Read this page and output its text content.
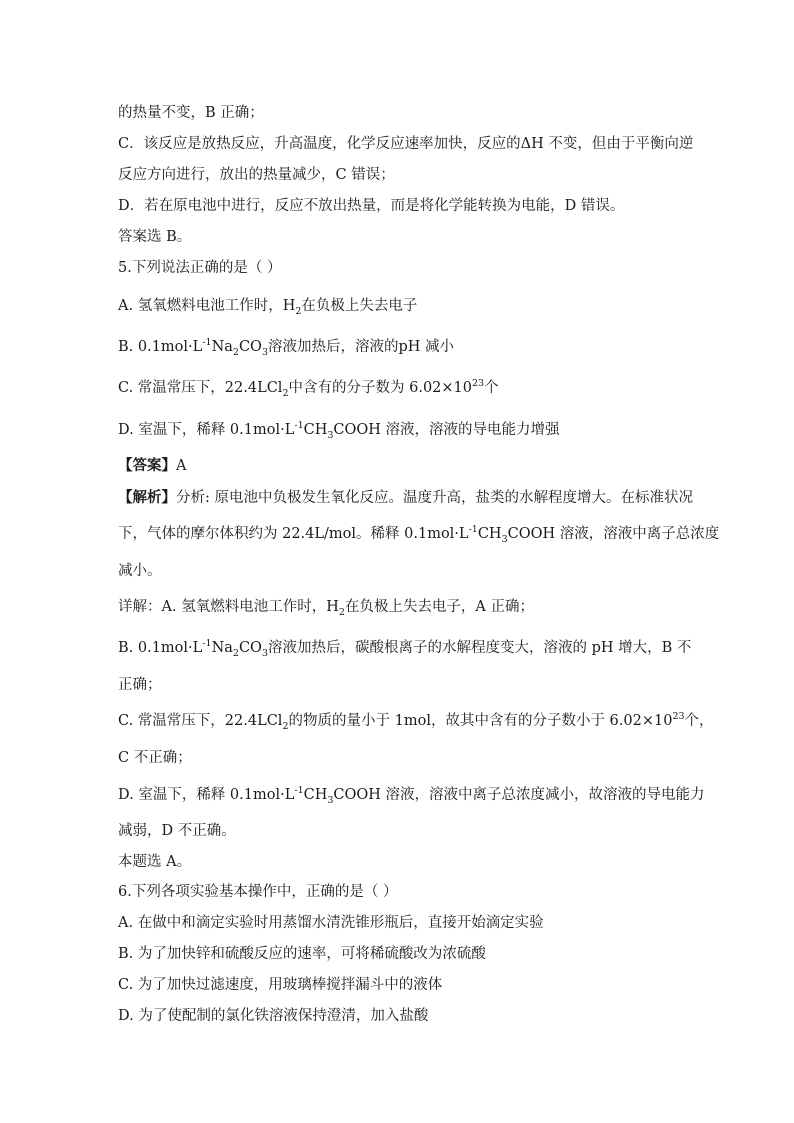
的热量不变，B 正确；
C．该反应是放热反应，升高温度，化学反应速率加快，反应的ΔH 不变，但由于平衡向逆
反应方向进行，放出的热量减少，C 错误；
D．若在原电池中进行，反应不放出热量，而是将化学能转换为电能，D 错误。
答案选 B。
5.下列说法正确的是（ ）
A. 氢氧燃料电池工作时，$H_2$在负极上失去电子
B. $0.1mol\cdot L^{-1}Na_2CO_3$溶液加热后，溶液的pH 减小
C. 常温常压下，22.4LCl$_2$中含有的分子数为 $6.02\times 10^{23}$个
D. 室温下，稀释 $0.1mol\cdot L^{-1}CH_3COOH$ 溶液，溶液的导电能力增强
【答案】A
【解析】分析: 原电池中负极发生氧化反应。温度升高，盐类的水解程度增大。在标准状况
下，气体的摩尔体积约为 22.4L/mol。稀释 $0.1mol\cdot L^{-1}CH_3COOH$ 溶液，溶液中离子总浓度
减小。
详解：A. 氢氧燃料电池工作时，$H_2$在负极上失去电子，A 正确；
B. $0.1mol\cdot L^{-1}Na_2CO_3$溶液加热后，碳酸根离子的水解程度变大，溶液的 pH 增大，B 不
正确；
C. 常温常压下，22.4LCl$_2$的物质的量小于 1mol，故其中含有的分子数小于 $6.02\times 10^{23}$个，
C 不正确；
D. 室温下，稀释 $0.1mol\cdot L^{-1}CH_3COOH$ 溶液，溶液中离子总浓度减小，故溶液的导电能力
减弱，D 不正确。
本题选 A。
6.下列各项实验基本操作中，正确的是（ ）
A. 在做中和滴定实验时用蒸馏水清洗锥形瓶后，直接开始滴定实验
B. 为了加快锌和硫酸反应的速率，可将稀硫酸改为浓硫酸
C. 为了加快过滤速度，用玻璃棒搅拌漏斗中的液体
D. 为了使配制的氯化铁溶液保持澄清，加入盐酸
